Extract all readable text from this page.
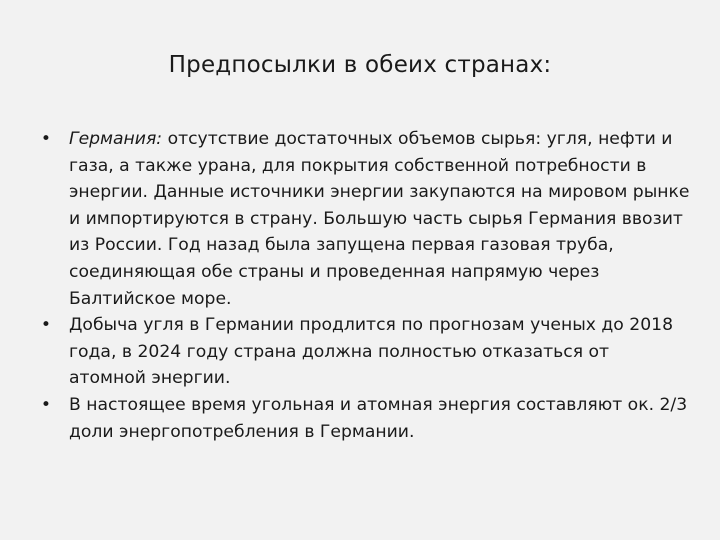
Предпосылки в обеих странах:
• Германия: отсутствие достаточных объемов сырья: угля, нефти и газа, а также урана, для покрытия собственной потребности в энергии. Данные источники энергии закупаются на мировом рынке и импортируются в страну. Большую часть сырья Германия ввозит из России. Год назад была запущена первая газовая труба, соединяющая обе страны и проведенная напрямую через Балтийское море.
• Добыча угля в Германии продлится по прогнозам ученых до 2018 года, в 2024 году страна должна полностью отказаться от атомной энергии.
• В настоящее время угольная и атомная энергия составляют ок. 2/3 доли энергопотребления в Германии.
